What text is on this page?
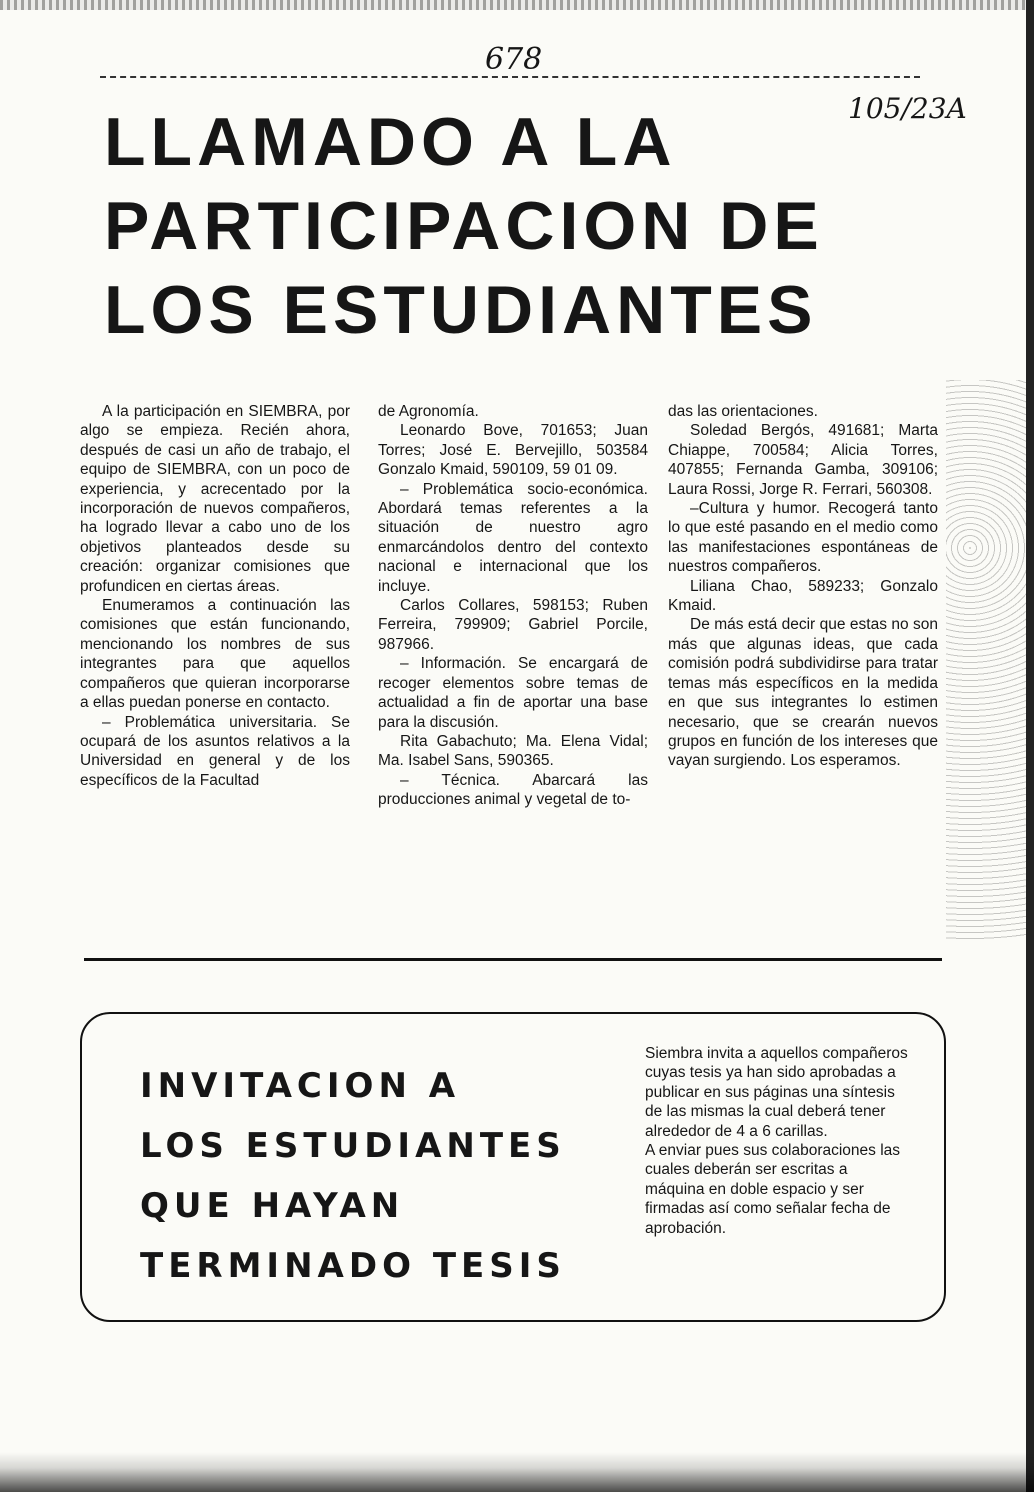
678
105/23A
LLAMADO A LA
PARTICIPACION DE
LOS ESTUDIANTES

A la participación en SIEMBRA, por algo se empieza. Recién ahora, después de casi un año de trabajo, el equipo de SIEMBRA, con un poco de experiencia, y acrecentado por la incorporación de nuevos compañeros, ha logrado llevar a cabo uno de los objetivos planteados desde su creación: organizar comisiones que profundicen en ciertas áreas.

Enumeramos a continuación las comisiones que están funcionando, mencionando los nombres de sus integrantes para que aquellos compañeros que quieran incorporarse a ellas puedan ponerse en contacto.

– Problemática universitaria. Se ocupará de los asuntos relativos a la Universidad en general y de los específicos de la Facultad

de Agronomía.

Leonardo Bove, 701653; Juan Torres; José E. Bervejillo, 503584 Gonzalo Kmaid, 590109, 59 01 09.

– Problemática socio-económica. Abordará temas referentes a la situación de nuestro agro enmarcándolos dentro del contexto nacional e internacional que los incluye.

Carlos Collares, 598153; Ruben Ferreira, 799909; Gabriel Porcile, 987966.

– Información. Se encargará de recoger elementos sobre temas de actualidad a fin de aportar una base para la discusión.

Rita Gabachuto; Ma. Elena Vidal; Ma. Isabel Sans, 590365.

– Técnica. Abarcará las producciones animal y vegetal de to-

das las orientaciones.

Soledad Bergós, 491681; Marta Chiappe, 700584; Alicia Torres, 407855; Fernanda Gamba, 309106; Laura Rossi, Jorge R. Ferrari, 560308.

–Cultura y humor. Recogerá tanto lo que esté pasando en el medio como las manifestaciones espontáneas de nuestros compañeros.

Liliana Chao, 589233; Gonzalo Kmaid.

De más está decir que estas no son más que algunas ideas, que cada comisión podrá subdividirse para tratar temas más específicos en la medida en que sus integrantes lo estimen necesario, que se crearán nuevos grupos en función de los intereses que vayan surgiendo. Los esperamos.

INVITACION A
LOS ESTUDIANTES
QUE HAYAN
TERMINADO TESIS

Siembra invita a aquellos compañeros cuyas tesis ya han sido aprobadas a publicar en sus páginas una síntesis de las mismas la cual deberá tener alrededor de 4 a 6 carillas.

A enviar pues sus colaboraciones las cuales deberán ser escritas a máquina en doble espacio y ser firmadas así como señalar fecha de aprobación.
